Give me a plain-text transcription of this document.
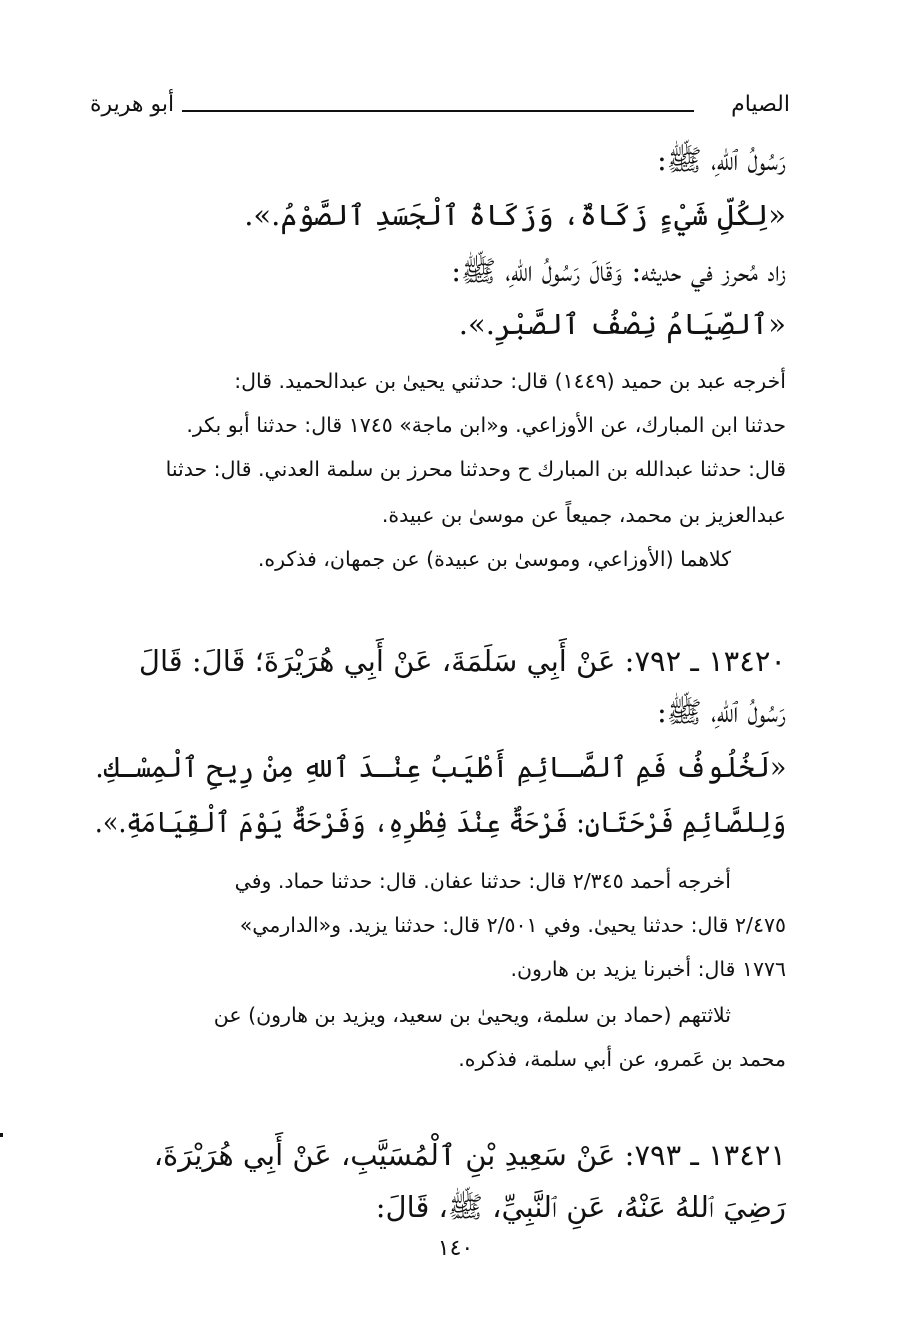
الصيام
أبو هريرة
رَسُولُ ٱللهِ، ﷺ:
«لِكُلِّ شَيْءٍ زَكَاةٌ، وَزَكَاةُ ٱلْجَسَدِ ٱلصَّوْمُ.».
زاد مُحرز في حديثه: وَقَالَ رَسُولُ اللهِ، ﷺ:
«ٱلصِّيَامُ نِصْفُ ٱلصَّبْرِ.».
أخرجه عبد بن حميد (١٤٤٩) قال: حدثني يحيىٰ بن عبدالحميد. قال:
حدثنا ابن المبارك، عن الأوزاعي. و«ابن ماجة» ١٧٤٥ قال: حدثنا أبو بكر.
قال: حدثنا عبدالله بن المبارك ح وحدثنا محرز بن سلمة العدني. قال: حدثنا
عبدالعزيز بن محمد، جميعاً عن موسىٰ بن عبيدة.
كلاهما (الأوزاعي، وموسىٰ بن عبيدة) عن جمهان، فذكره.
١٣٤٢٠ ـ ٧٩٢: عَنْ أَبِي سَلَمَةَ، عَنْ أَبِي هُرَيْرَةَ؛ قَالَ: قَالَ
رَسُولُ ٱللهِ، ﷺ:
«لَخُلُوفُ فَمِ ٱلصَّـائِمِ أَطْيَبُ عِنْـدَ ٱللهِ مِنْ رِيحِ ٱلْمِسْـكِ.
وَلِلصَّائِمِ فَرْحَتَانِ: فَرْحَةٌ عِنْدَ فِطْرِهِ، وَفَرْحَةٌ يَوْمَ ٱلْقِيَامَةِ.».
أخرجه أحمد ٢/٣٤٥ قال: حدثنا عفان. قال: حدثنا حماد. وفي
٢/٤٧٥ قال: حدثنا يحيىٰ. وفي ٢/٥٠١ قال: حدثنا يزيد. و«الدارمي»
١٧٧٦ قال: أخبرنا يزيد بن هارون.
ثلاثتهم (حماد بن سلمة، ويحيىٰ بن سعيد، ويزيد بن هارون) عن
محمد بن عَمرو، عن أبي سلمة، فذكره.
١٣٤٢١ ـ ٧٩٣: عَنْ سَعِيدِ بْنِ ٱلْمُسَيَّبِ، عَنْ أَبِي هُرَيْرَةَ،
رَضِيَ ٱللهُ عَنْهُ، عَنِ ٱلنَّبِيِّ، ﷺ، قَالَ:
١٤٠
